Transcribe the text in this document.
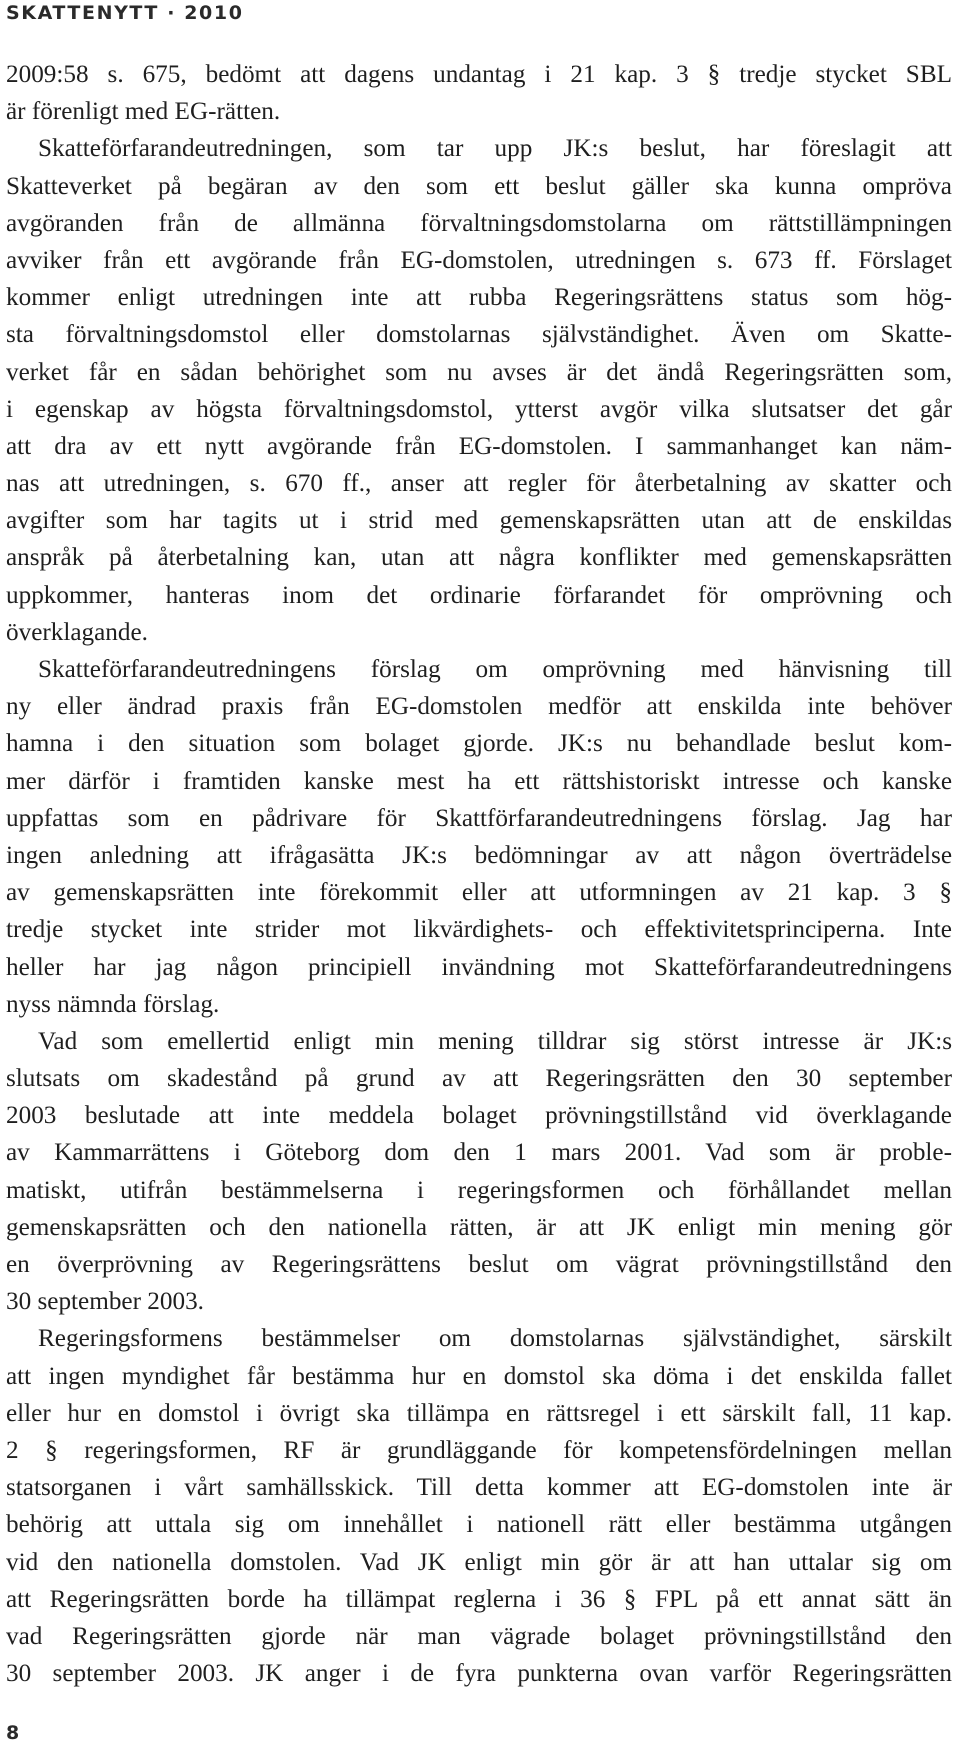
SKATTENYTT · 2010
2009:58 s. 675, bedömt att dagens undantag i 21 kap. 3 § tredje stycket SBL
är förenligt med EG-rätten.
Skatteförfarandeutredningen, som tar upp JK:s beslut, har föreslagit att
Skatteverket på begäran av den som ett beslut gäller ska kunna ompröva
avgöranden från de allmänna förvaltningsdomstolarna om rättstillämpningen
avviker från ett avgörande från EG-domstolen, utredningen s. 673 ff. Förslaget
kommer enligt utredningen inte att rubba Regeringsrättens status som hög-
sta förvaltningsdomstol eller domstolarnas självständighet. Även om Skatte-
verket får en sådan behörighet som nu avses är det ändå Regeringsrätten som,
i egenskap av högsta förvaltningsdomstol, ytterst avgör vilka slutsatser det går
att dra av ett nytt avgörande från EG-domstolen. I sammanhanget kan näm-
nas att utredningen, s. 670 ff., anser att regler för återbetalning av skatter och
avgifter som har tagits ut i strid med gemenskapsrätten utan att de enskildas
anspråk på återbetalning kan, utan att några konflikter med gemenskapsrätten
uppkommer, hanteras inom det ordinarie förfarandet för omprövning och
överklagande.
Skatteförfarandeutredningens förslag om omprövning med hänvisning till
ny eller ändrad praxis från EG-domstolen medför att enskilda inte behöver
hamna i den situation som bolaget gjorde. JK:s nu behandlade beslut kom-
mer därför i framtiden kanske mest ha ett rättshistoriskt intresse och kanske
uppfattas som en pådrivare för Skattförfarandeutredningens förslag. Jag har
ingen anledning att ifrågasätta JK:s bedömningar av att någon överträdelse
av gemenskapsrätten inte förekommit eller att utformningen av 21 kap. 3 §
tredje stycket inte strider mot likvärdighets- och effektivitetsprinciperna. Inte
heller har jag någon principiell invändning mot Skatteförfarandeutredningens
nyss nämnda förslag.
Vad som emellertid enligt min mening tilldrar sig störst intresse är JK:s
slutsats om skadestånd på grund av att Regeringsrätten den 30 september
2003 beslutade att inte meddela bolaget prövningstillstånd vid överklagande
av Kammarrättens i Göteborg dom den 1 mars 2001. Vad som är proble-
matiskt, utifrån bestämmelserna i regeringsformen och förhållandet mellan
gemenskapsrätten och den nationella rätten, är att JK enligt min mening gör
en överprövning av Regeringsrättens beslut om vägrat prövningstillstånd den
30 september 2003.
Regeringsformens bestämmelser om domstolarnas självständighet, särskilt
att ingen myndighet får bestämma hur en domstol ska döma i det enskilda fallet
eller hur en domstol i övrigt ska tillämpa en rättsregel i ett särskilt fall, 11 kap.
2 § regeringsformen, RF är grundläggande för kompetensfördelningen mellan
statsorganen i vårt samhällsskick. Till detta kommer att EG-domstolen inte är
behörig att uttala sig om innehållet i nationell rätt eller bestämma utgången
vid den nationella domstolen. Vad JK enligt min gör är att han uttalar sig om
att Regeringsrätten borde ha tillämpat reglerna i 36 § FPL på ett annat sätt än
vad Regeringsrätten gjorde när man vägrade bolaget prövningstillstånd den
30 september 2003. JK anger i de fyra punkterna ovan varför Regeringsrätten
8
